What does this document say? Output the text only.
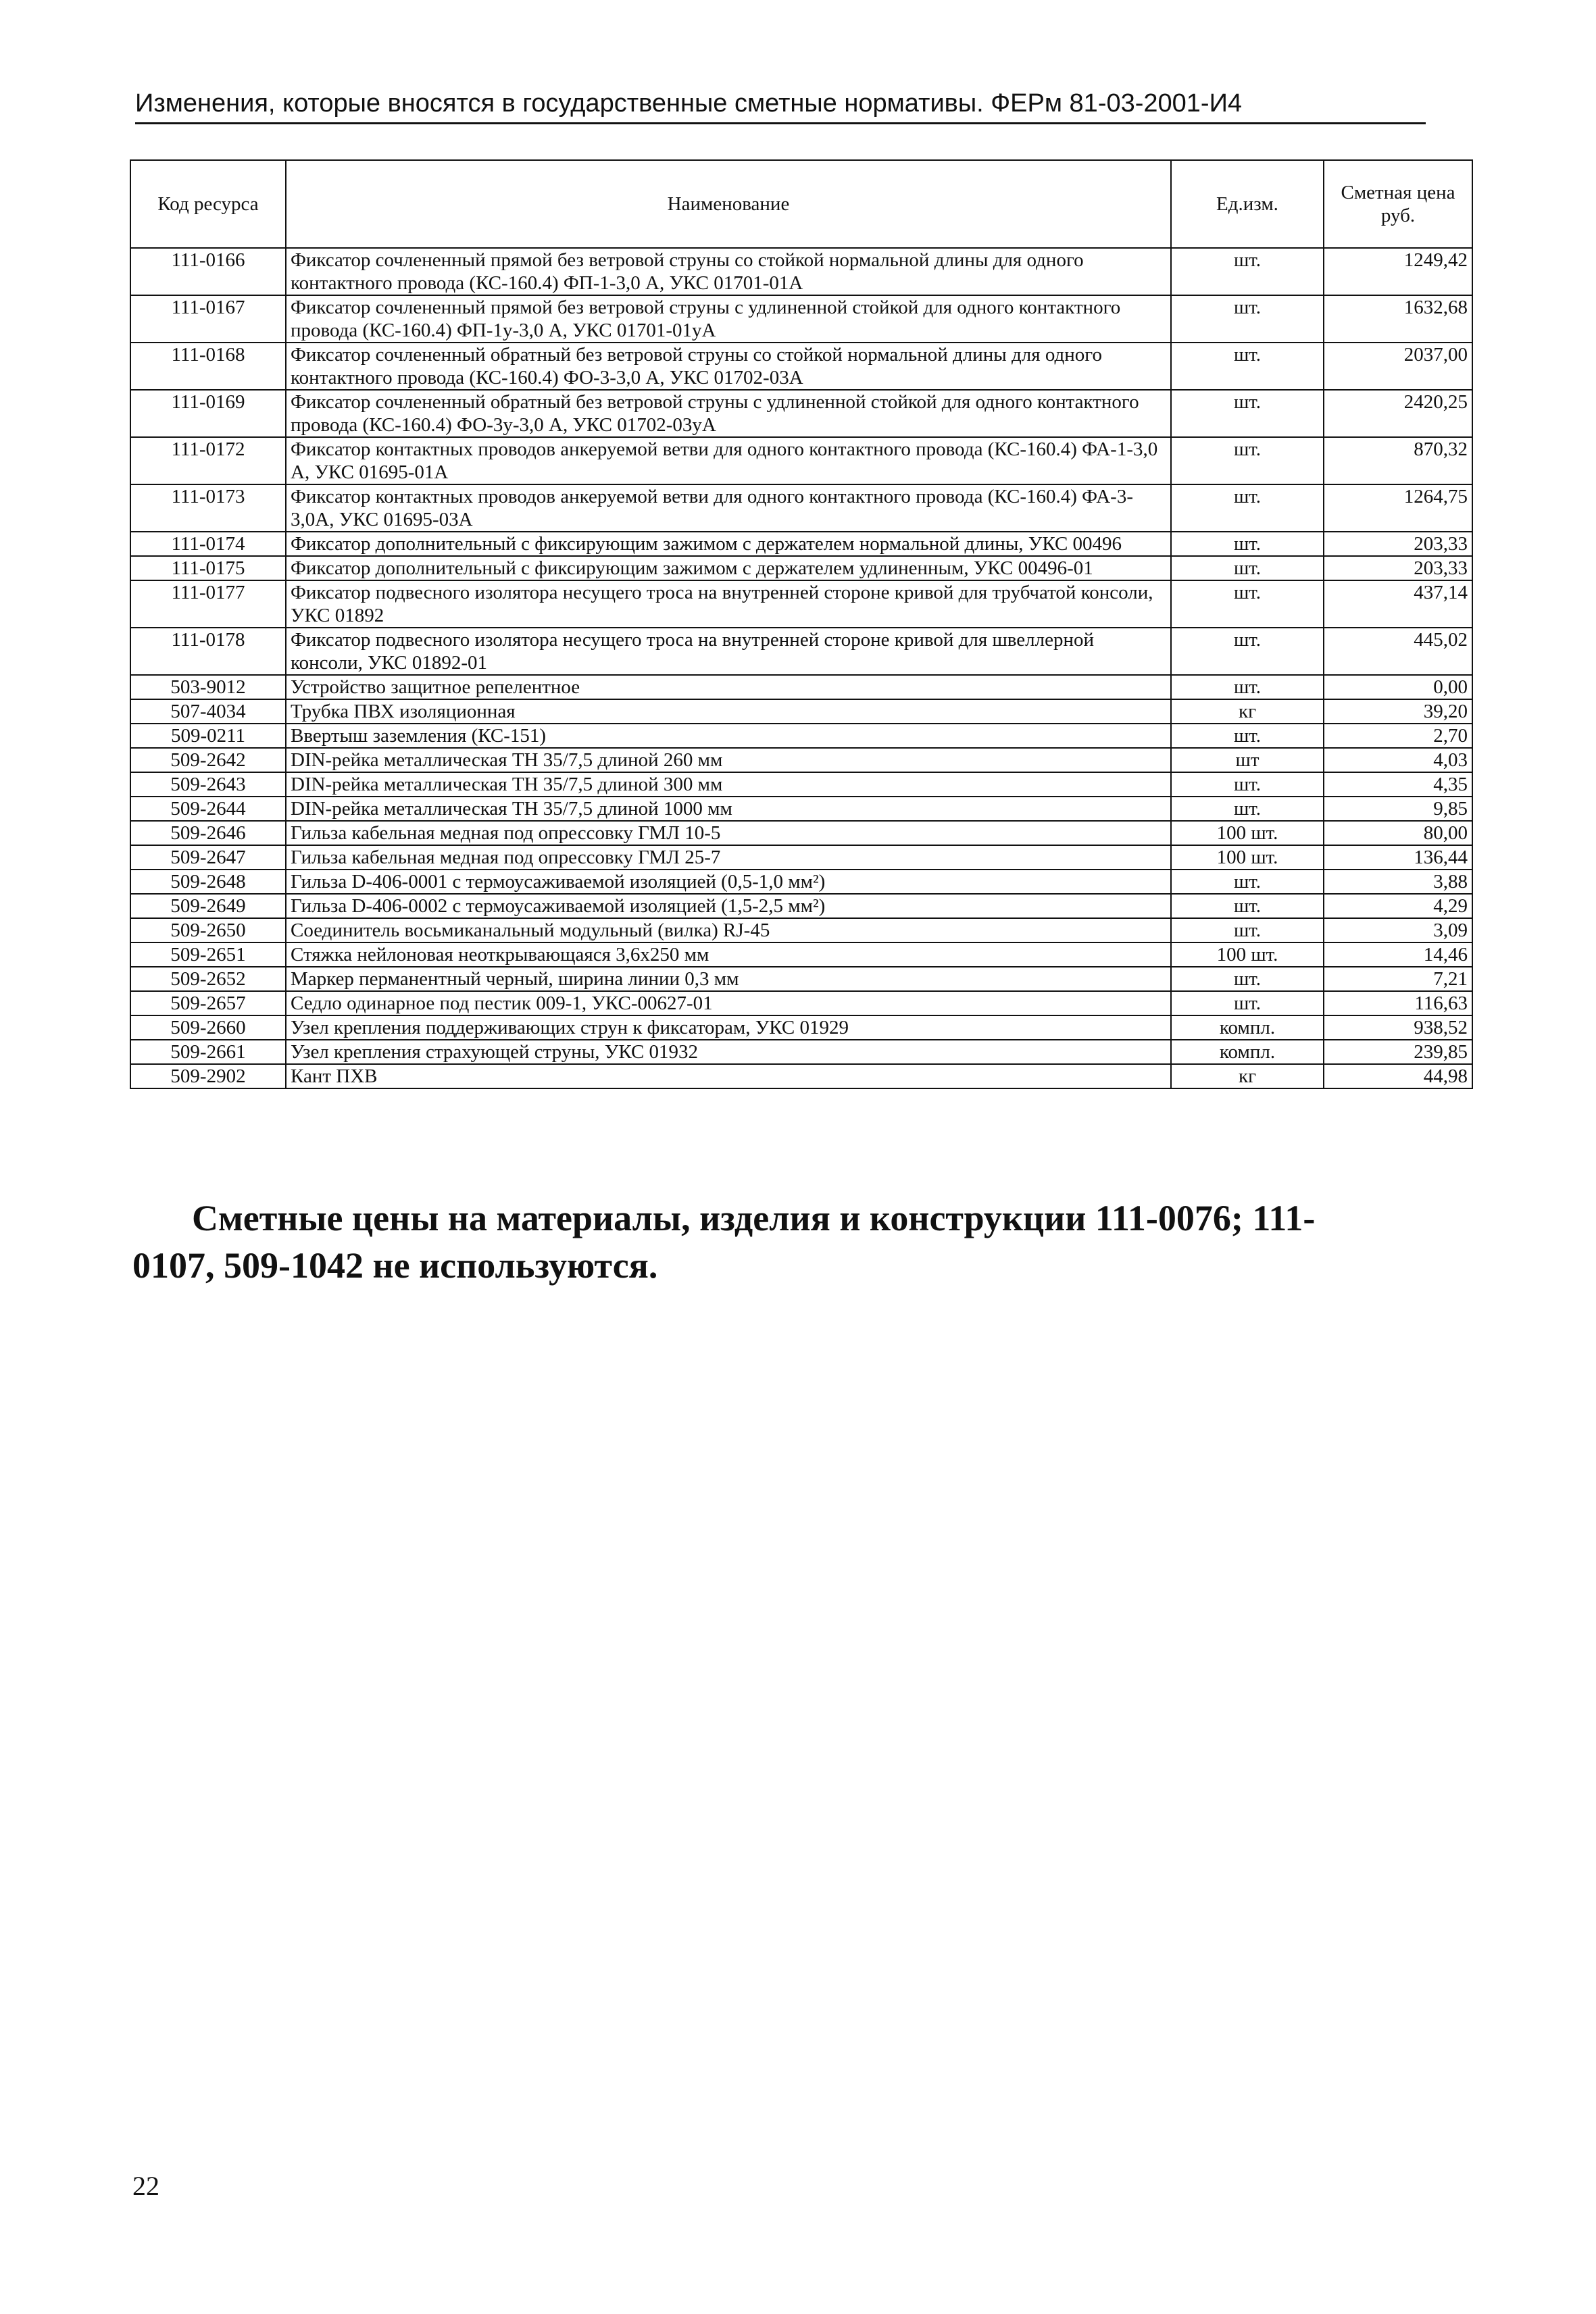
Изменения, которые вносятся в государственные сметные нормативы. ФЕРм 81-03-2001-И4
Код ресурса	Наименование	Ед.изм.	Сметная цена руб.
111-0166	Фиксатор сочлененный прямой без ветровой струны со стойкой нормальной длины для одного контактного провода (КС-160.4) ФП-1-3,0 А, УКС 01701-01А	шт.	1249,42
111-0167	Фиксатор сочлененный прямой без ветровой струны с удлиненной стойкой для одного контактного провода (КС-160.4) ФП-1у-3,0 А, УКС 01701-01уА	шт.	1632,68
111-0168	Фиксатор сочлененный обратный без ветровой струны со стойкой нормальной длины для одного контактного провода (КС-160.4) ФО-3-3,0 А, УКС 01702-03А	шт.	2037,00
111-0169	Фиксатор сочлененный обратный без ветровой струны с удлиненной стойкой для одного контактного провода (КС-160.4) ФО-3у-3,0 А, УКС 01702-03уА	шт.	2420,25
111-0172	Фиксатор контактных проводов анкеруемой ветви для одного контактного провода (КС-160.4) ФА-1-3,0 А, УКС 01695-01А	шт.	870,32
111-0173	Фиксатор контактных проводов анкеруемой ветви для одного контактного провода (КС-160.4) ФА-3-3,0А, УКС 01695-03А	шт.	1264,75
111-0174	Фиксатор дополнительный с фиксирующим зажимом с держателем нормальной длины, УКС 00496	шт.	203,33
111-0175	Фиксатор дополнительный с фиксирующим зажимом с держателем удлиненным, УКС 00496-01	шт.	203,33
111-0177	Фиксатор подвесного изолятора несущего троса на внутренней стороне кривой для трубчатой консоли, УКС 01892	шт.	437,14
111-0178	Фиксатор подвесного изолятора несущего троса на внутренней стороне кривой для швеллерной консоли, УКС 01892-01	шт.	445,02
503-9012	Устройство защитное репелентное	шт.	0,00
507-4034	Трубка ПВХ изоляционная	кг	39,20
509-0211	Ввертыш заземления (КС-151)	шт.	2,70
509-2642	DIN-рейка металлическая ТН 35/7,5 длиной 260 мм	шт	4,03
509-2643	DIN-рейка металлическая ТН 35/7,5 длиной 300 мм	шт.	4,35
509-2644	DIN-рейка металлическая ТН 35/7,5 длиной 1000 мм	шт.	9,85
509-2646	Гильза кабельная медная под опрессовку ГМЛ 10-5	100 шт.	80,00
509-2647	Гильза кабельная медная под опрессовку ГМЛ 25-7	100 шт.	136,44
509-2648	Гильза D-406-0001 с термоусаживаемой изоляцией (0,5-1,0 мм²)	шт.	3,88
509-2649	Гильза D-406-0002 с термоусаживаемой изоляцией (1,5-2,5 мм²)	шт.	4,29
509-2650	Соединитель восьмиканальный модульный (вилка) RJ-45	шт.	3,09
509-2651	Стяжка нейлоновая неоткрывающаяся 3,6х250 мм	100 шт.	14,46
509-2652	Маркер перманентный черный, ширина линии 0,3 мм	шт.	7,21
509-2657	Седло одинарное под пестик 009-1, УКС-00627-01	шт.	116,63
509-2660	Узел крепления поддерживающих струн к фиксаторам, УКС 01929	компл.	938,52
509-2661	Узел крепления страхующей струны, УКС 01932	компл.	239,85
509-2902	Кант ПХВ	кг	44,98
Сметные цены на материалы, изделия и конструкции 111-0076; 111-0107, 509-1042 не используются.
22
